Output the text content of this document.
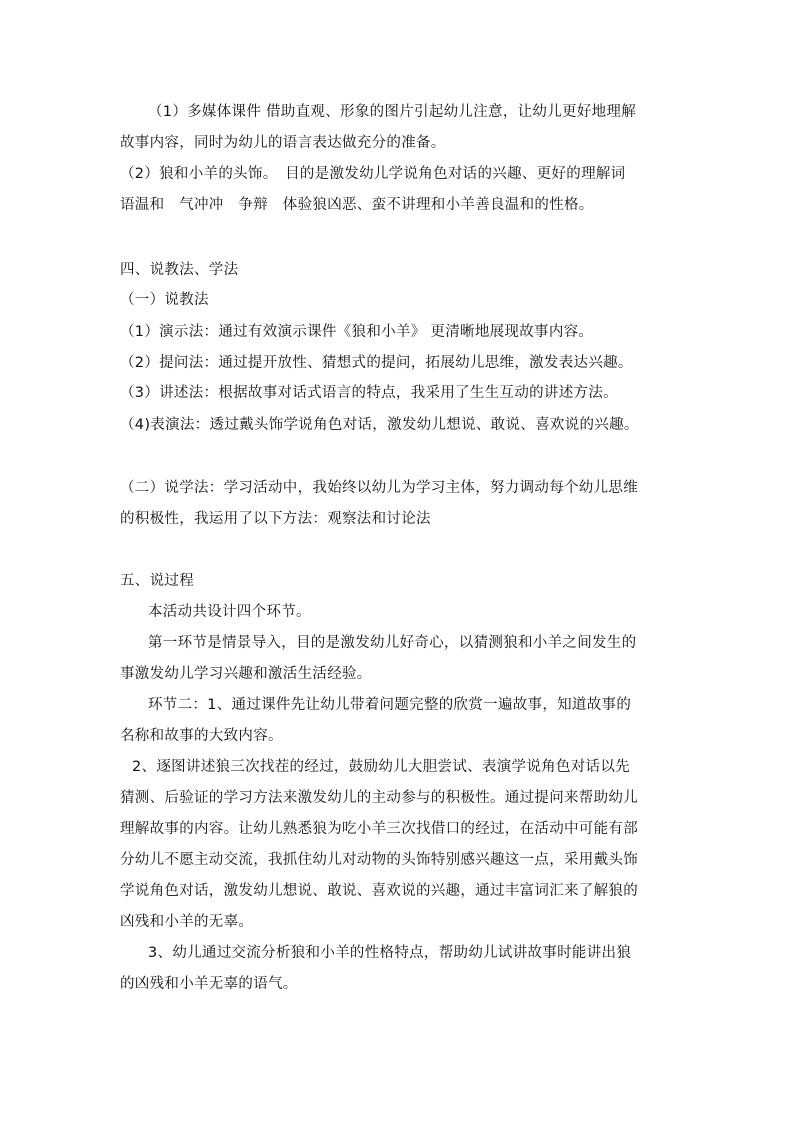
（1）多媒体课件 借助直观、形象的图片引起幼儿注意，让幼儿更好地理解
故事内容，同时为幼儿的语言表达做充分的准备。
（2）狼和小羊的头饰。　目的是激发幼儿学说角色对话的兴趣、更好的理解词
语温和　气冲冲　争辩　体验狼凶恶、蛮不讲理和小羊善良温和的性格。
四、说教法、学法
（一）说教法
（1）演示法：通过有效演示课件《狼和小羊》 更清晰地展现故事内容。
（2）提问法：通过提开放性、猜想式的提问，拓展幼儿思维，激发表达兴趣。
（3）讲述法：根据故事对话式语言的特点，我采用了生生互动的讲述方法。
（4)表演法：透过戴头饰学说角色对话，激发幼儿想说、敢说、喜欢说的兴趣。
（二）说学法：学习活动中，我始终以幼儿为学习主体，努力调动每个幼儿思维
的积极性，我运用了以下方法：观察法和讨论法
五、说过程
本活动共设计四个环节。
第一环节是情景导入，目的是激发幼儿好奇心，以猜测狼和小羊之间发生的
事激发幼儿学习兴趣和激活生活经验。
环节二：1、通过课件先让幼儿带着问题完整的欣赏一遍故事，知道故事的
名称和故事的大致内容。
2、逐图讲述狼三次找茬的经过，鼓励幼儿大胆尝试、表演学说角色对话以先
猜测、后验证的学习方法来激发幼儿的主动参与的积极性。通过提问来帮助幼儿
理解故事的内容。让幼儿熟悉狼为吃小羊三次找借口的经过，在活动中可能有部
分幼儿不愿主动交流，我抓住幼儿对动物的头饰特别感兴趣这一点，采用戴头饰
学说角色对话，激发幼儿想说、敢说、喜欢说的兴趣，通过丰富词汇来了解狼的
凶残和小羊的无辜。
3、幼儿通过交流分析狼和小羊的性格特点，帮助幼儿试讲故事时能讲出狼
的凶残和小羊无辜的语气。
